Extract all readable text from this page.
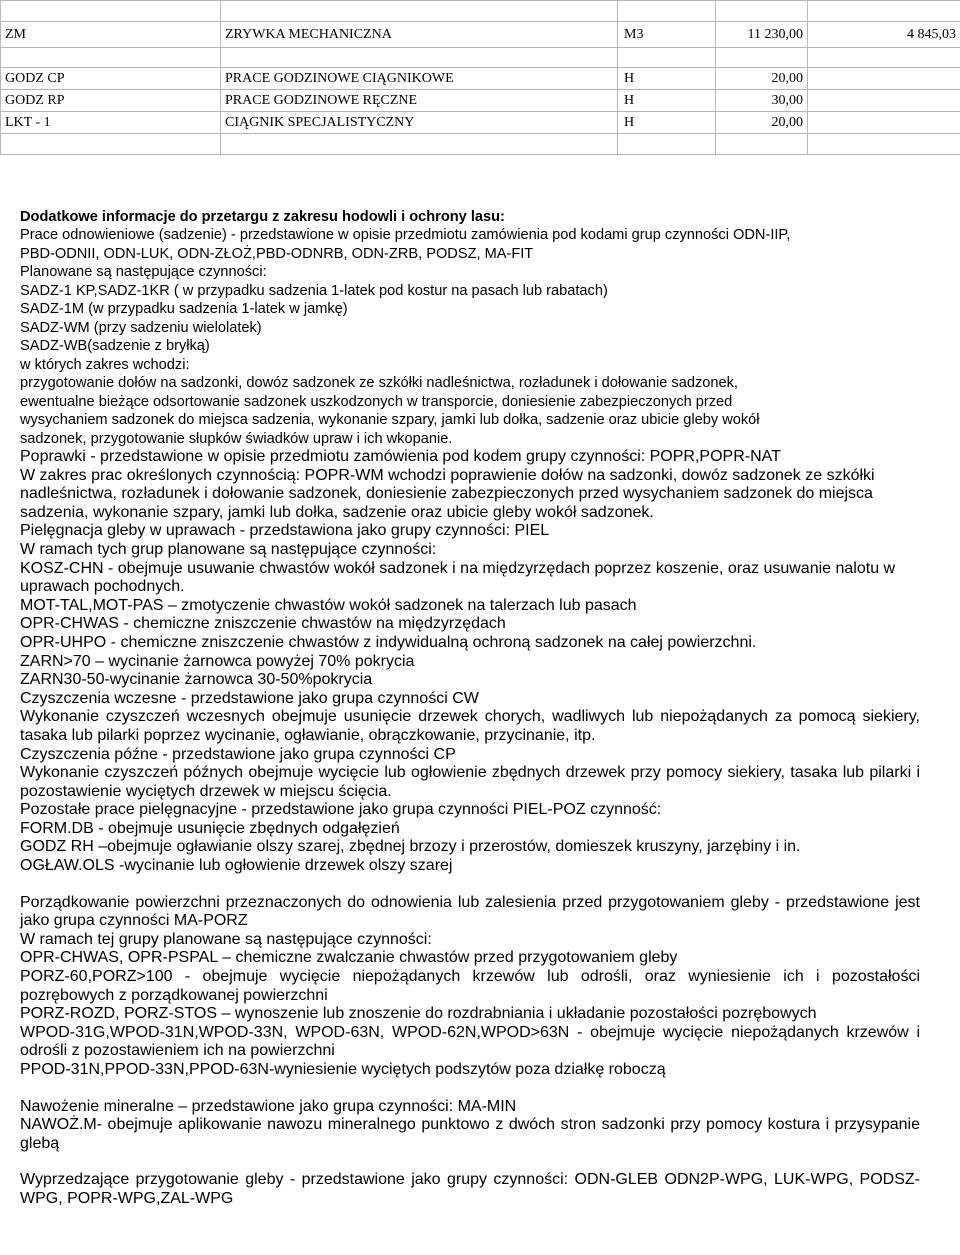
ZM	ZRYWKA MECHANICZNA	M3	11 230,00	4 845,03

GODZ CP	PRACE GODZINOWE CIĄGNIKOWE	H	20,00	
GODZ RP	PRACE GODZINOWE RĘCZNE	H	30,00	
LKT - 1	CIĄGNIK SPECJALISTYCZNY	H	20,00	

Dodatkowe informacje do przetargu z zakresu hodowli i ochrony lasu:

Prace odnowieniowe (sadzenie) - przedstawione w opisie przedmiotu zamówienia pod kodami grup czynności ODN-IIP,

PBD-ODNII, ODN-LUK, ODN-ZŁOŻ,PBD-ODNRB, ODN-ZRB, PODSZ, MA-FIT

Planowane są następujące czynności:

SADZ-1 KP,SADZ-1KR ( w przypadku sadzenia 1-latek pod kostur na pasach lub rabatach)

SADZ-1M (w przypadku sadzenia 1-latek w jamkę)

SADZ-WM (przy sadzeniu wielolatek)

SADZ-WB(sadzenie z bryłką)

w których zakres wchodzi:

przygotowanie dołów na sadzonki, dowóz sadzonek ze szkółki nadleśnictwa, rozładunek i dołowanie sadzonek,

ewentualne bieżące odsortowanie sadzonek uszkodzonych w transporcie, doniesienie zabezpieczonych przed

wysychaniem sadzonek do miejsca sadzenia, wykonanie szpary, jamki lub dołka, sadzenie oraz ubicie gleby wokół

sadzonek, przygotowanie słupków świadków upraw i ich wkopanie.

Poprawki - przedstawione w opisie przedmiotu zamówienia pod kodem grupy czynności: POPR,POPR-NAT

W zakres prac określonych czynnością: POPR-WM wchodzi poprawienie dołów na sadzonki, dowóz sadzonek ze szkółki nadleśnictwa, rozładunek i dołowanie sadzonek, doniesienie zabezpieczonych przed wysychaniem sadzonek do miejsca sadzenia, wykonanie szpary, jamki lub dołka, sadzenie oraz ubicie gleby wokół sadzonek.

Pielęgnacja gleby w uprawach - przedstawiona jako grupy czynności: PIEL

W ramach tych grup planowane są następujące czynności:

KOSZ-CHN - obejmuje usuwanie chwastów wokół sadzonek i na międzyrzędach poprzez koszenie, oraz usuwanie nalotu w uprawach pochodnych.

MOT-TAL,MOT-PAS – zmotyczenie chwastów wokół sadzonek na talerzach lub pasach

OPR-CHWAS - chemiczne zniszczenie chwastów na międzyrzędach

OPR-UHPO - chemiczne zniszczenie chwastów z indywidualną ochroną sadzonek na całej powierzchni.

ZARN>70 – wycinanie żarnowca powyżej 70% pokrycia

ZARN30-50-wycinanie żarnowca 30-50%pokrycia

Czyszczenia wczesne - przedstawione jako grupa czynności CW

Wykonanie czyszczeń wczesnych obejmuje usunięcie drzewek chorych, wadliwych lub niepożądanych za pomocą siekiery, tasaka lub pilarki poprzez wycinanie, ogławianie, obrączkowanie, przycinanie, itp.

Czyszczenia późne - przedstawione jako grupa czynności CP

Wykonanie czyszczeń późnych obejmuje wycięcie lub ogłowienie zbędnych drzewek przy pomocy siekiery, tasaka lub pilarki i pozostawienie wyciętych drzewek w miejscu ścięcia.

Pozostałe prace pielęgnacyjne - przedstawione jako grupa czynności PIEL-POZ czynność:

FORM.DB - obejmuje usunięcie zbędnych odgałęzień

GODZ RH –obejmuje ogławianie olszy szarej, zbędnej brzozy i przerostów, domieszek kruszyny, jarzębiny i in.

OGŁAW.OLS -wycinanie lub ogłowienie drzewek olszy szarej

Porządkowanie powierzchni przeznaczonych do odnowienia lub zalesienia przed przygotowaniem gleby - przedstawione jest jako grupa czynności MA-PORZ

W ramach tej grupy planowane są następujące czynności:

OPR-CHWAS, OPR-PSPAL – chemiczne zwalczanie chwastów przed przygotowaniem gleby

PORZ-60,PORZ>100 - obejmuje wycięcie niepożądanych krzewów lub odrośli, oraz wyniesienie ich i pozostałości pozrębowych z porządkowanej powierzchni

PORZ-ROZD, PORZ-STOS – wynoszenie lub znoszenie do rozdrabniania i układanie pozostałości pozrębowych

WPOD-31G,WPOD-31N,WPOD-33N, WPOD-63N, WPOD-62N,WPOD>63N - obejmuje wycięcie niepożądanych krzewów i odrośli z pozostawieniem ich na powierzchni

PPOD-31N,PPOD-33N,PPOD-63N-wyniesienie wyciętych podszytów poza działkę roboczą

Nawożenie mineralne – przedstawione jako grupa czynności: MA-MIN

NAWOŻ.M- obejmuje aplikowanie nawozu mineralnego punktowo z dwóch stron sadzonki przy pomocy kostura i przysypanie glebą

Wyprzedzające przygotowanie gleby - przedstawione jako grupy czynności: ODN-GLEB ODN2P-WPG, LUK-WPG, PODSZ-WPG, POPR-WPG,ZAL-WPG
